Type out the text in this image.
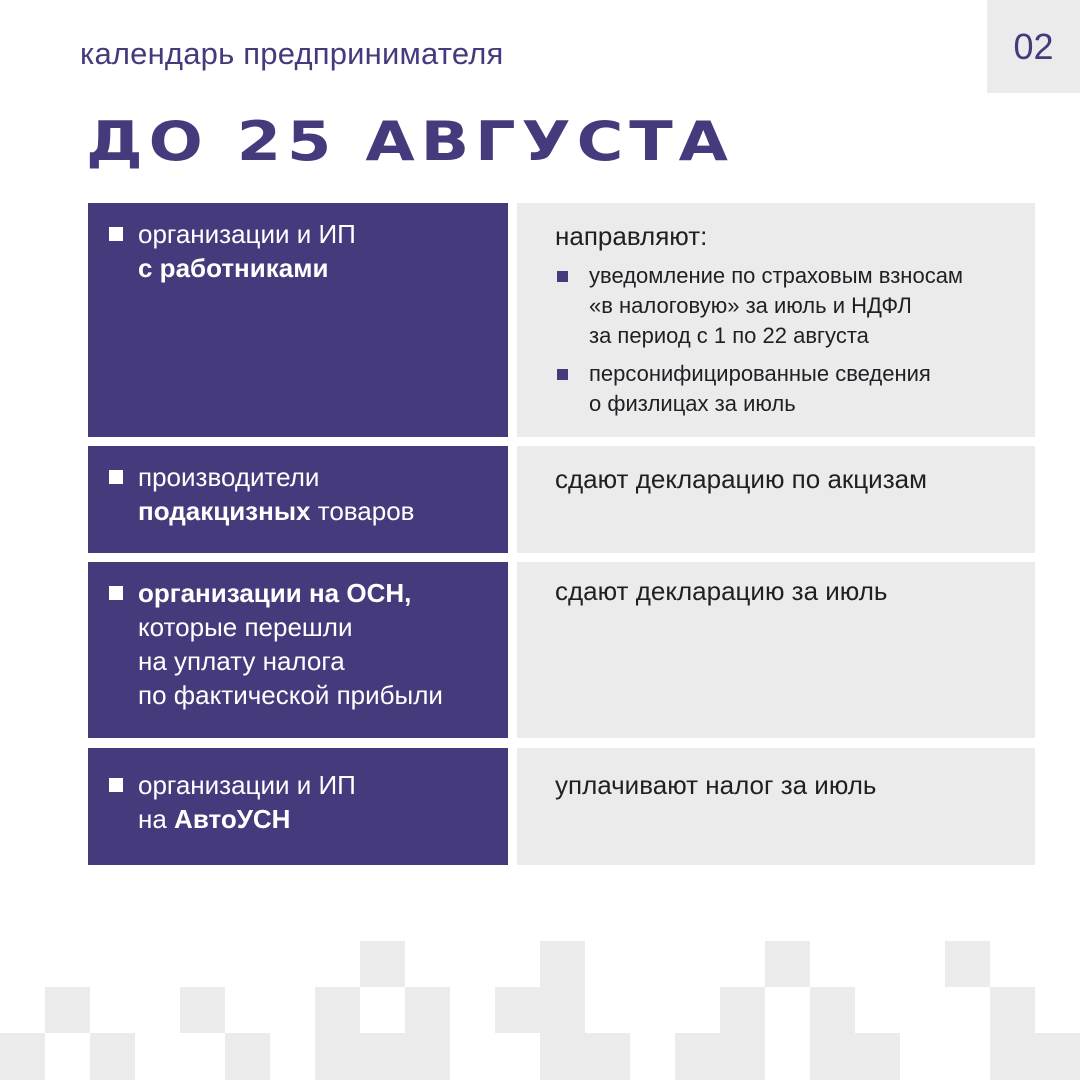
календарь предпринимателя	02
ДО 25 АВГУСТА
организации и ИП
с работниками
направляют:
уведомление по страховым взносам
«в налоговую» за июль и НДФЛ
за период с 1 по 22 августа
персонифицированные сведения
о физлицах за июль
производители
подакцизных товаров
сдают декларацию по акцизам
организации на ОСН,
которые перешли
на уплату налога
по фактической прибыли
сдают декларацию за июль
организации и ИП
на АвтоУСН
уплачивают налог за июль
